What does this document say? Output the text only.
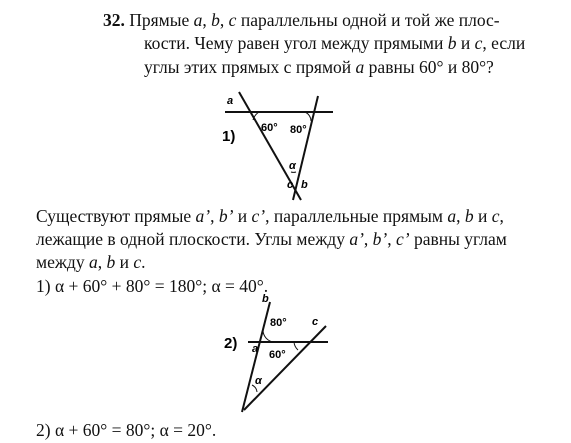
32. Прямые a, b, c параллельны одной и той же плос-
кости. Чему равен угол между прямыми b и c, если
углы этих прямых с прямой a равны 60° и 80°?
a
c b
60° 80°
α
1)
Существуют прямые a’, b’ и c’, параллельные прямым a, b и c,
лежащие в одной плоскости. Углы между a’, b’, c’ равны углам
между a, b и c.
1) α + 60° + 80° = 180°; α = 40°.
b
c
a
80°
60°
α
2)
2) α + 60° = 80°; α = 20°.
